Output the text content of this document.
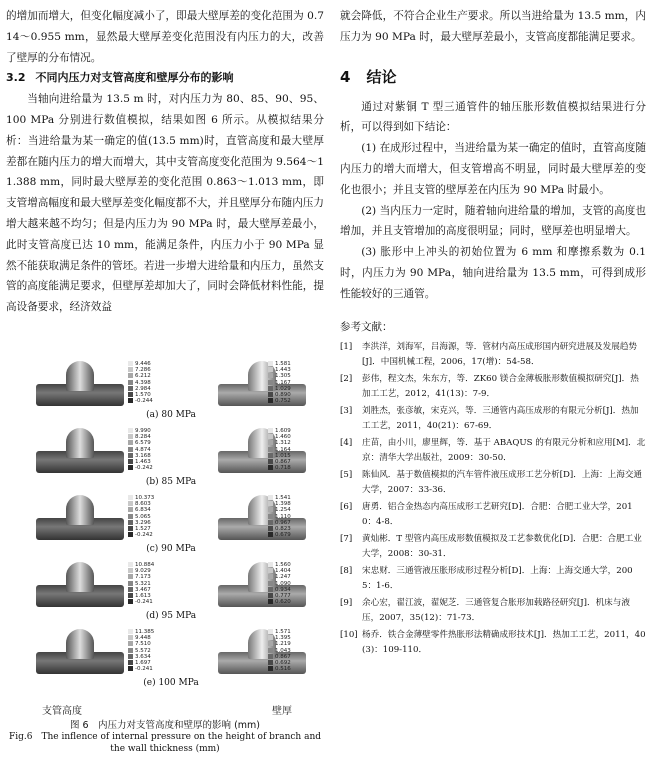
的增加而增大，但变化幅度减小了，即最大壁厚差的变化范围为 0.714～0.955 mm，显然最大壁厚差变化范围没有内压力的大，改善了壁厚的分布情况。

3.2 不同内压力对支管高度和壁厚分布的影响

当轴向进给量为 13.5 m 时，对内压力为 80、85、90、95、100 MPa 分别进行数值模拟，结果如图 6 所示。从模拟结果分析：当进给量为某一确定的值(13.5 mm)时，直管高度和最大壁厚差都在随内压力的增大而增大，其中支管高度变化范围为 9.564～11.388 mm，同时最大壁厚差的变化范围 0.863～1.013 mm，即支管增高幅度和最大壁厚差变化幅度都不大，并且壁厚分布随内压力增大越来越不均匀；但是内压力为 90 MPa 时，最大壁厚差最小，此时支管高度已达 10 mm，能满足条件，内压力小于 90 MPa 显然不能获取满足条件的管坯。若进一步增大进给量和内压力，虽然支管的高度能满足要求，但壁厚差却加大了，同时会降低材料性能，提高设备要求，经济效益

9.446
7.286
6.212
4.398
2.984
1.570
-0.244
1.581
1.443
1.305
1.167
1.029
0.890
0.752
(a) 80 MPa
9.990
8.284
6.579
4.874
3.168
1.463
-0.242
1.609
1.460
1.312
1.164
1.015
0.867
0.718
(b) 85 MPa
10.373
8.603
6.834
5.065
3.296
1.527
-0.242
1.541
1.398
1.254
1.110
0.967
0.823
0.679
(c) 90 MPa
10.884
9.029
7.173
5.321
3.467
1.613
-0.241
1.560
1.404
1.247
1.090
0.934
0.777
0.620
(d) 95 MPa
11.385
9.448
7.510
5.572
3.634
1.697
-0.241
1.571
1.395
1.219
1.043
0.867
0.692
0.516
(e) 100 MPa
支管高度	壁厚
图 6　内压力对支管高度和壁厚的影响 (mm)
Fig.6　The inflence of internal pressure on the height of branch and the wall thickness (mm)

就会降低，不符合企业生产要求。所以当进给量为 13.5 mm，内压力为 90 MPa 时，最大壁厚差最小，支管高度都能满足要求。

4 结论

通过对紫铜 T 型三通管件的轴压胀形数值模拟结果进行分析，可以得到如下结论：

(1) 在成形过程中，当进给量为某一确定的值时，直管高度随内压力的增大而增大，但支管增高不明显，同时最大壁厚差的变化也很小；并且支管的壁厚差在内压为 90 MPa 时最小。

(2) 当内压力一定时，随着轴向进给量的增加，支管的高度也增加，并且支管增加的高度很明显；同时，壁厚差也明显增大。

(3) 胀形中上冲头的初始位置为 6 mm 和摩擦系数为 0.1 时，内压力为 90 MPa，轴向进给量为 13.5 mm，可得到成形性能较好的三通管。

参考文献：

[1]	李洪洋，刘海军，吕海源，等．管材内高压成形国内研究进展及发展趋势[J]．中国机械工程，2006，17(增)：54-58．
[2]	彭伟，程文杰，朱东方，等．ZK60 镁合金薄板胀形数值模拟研究[J]．热加工工艺，2012，41(13)：7-9．
[3]	刘胜杰，张彦敏，宋克兴，等．三通管内高压成形的有限元分析[J]．热加工工艺，2011，40(21)：67-69．
[4]	庄苗，由小川，廖里辉，等．基于 ABAQUS 的有限元分析和应用[M]．北京：清华大学出版社，2009：30-50．
[5]	陈仙风．基于数值模拟的汽车管件液压成形工艺分析[D]．上海：上海交通大学，2007：33-36．
[6]	唐勇．铝合金热态内高压成形工艺研究[D]．合肥：合肥工业大学，2010：4-8．
[7]	黄灿彬．T 型管内高压成形数值模拟及工艺参数优化[D]．合肥：合肥工业大学，2008：30-31．
[8]	宋忠财．三通管液压胀形成形过程分析[D]．上海：上海交通大学，2005：1-6．
[9]	余心宏，翟江波，翟妮芝．三通管复合胀形加载路径研究[J]．机床与液压，2007，35(12)：71-73．
[10] 杨乔．铁合金薄壁零件热胀形法精确成形技术[J]．热加工工艺，2011，40(3)：109-110．
